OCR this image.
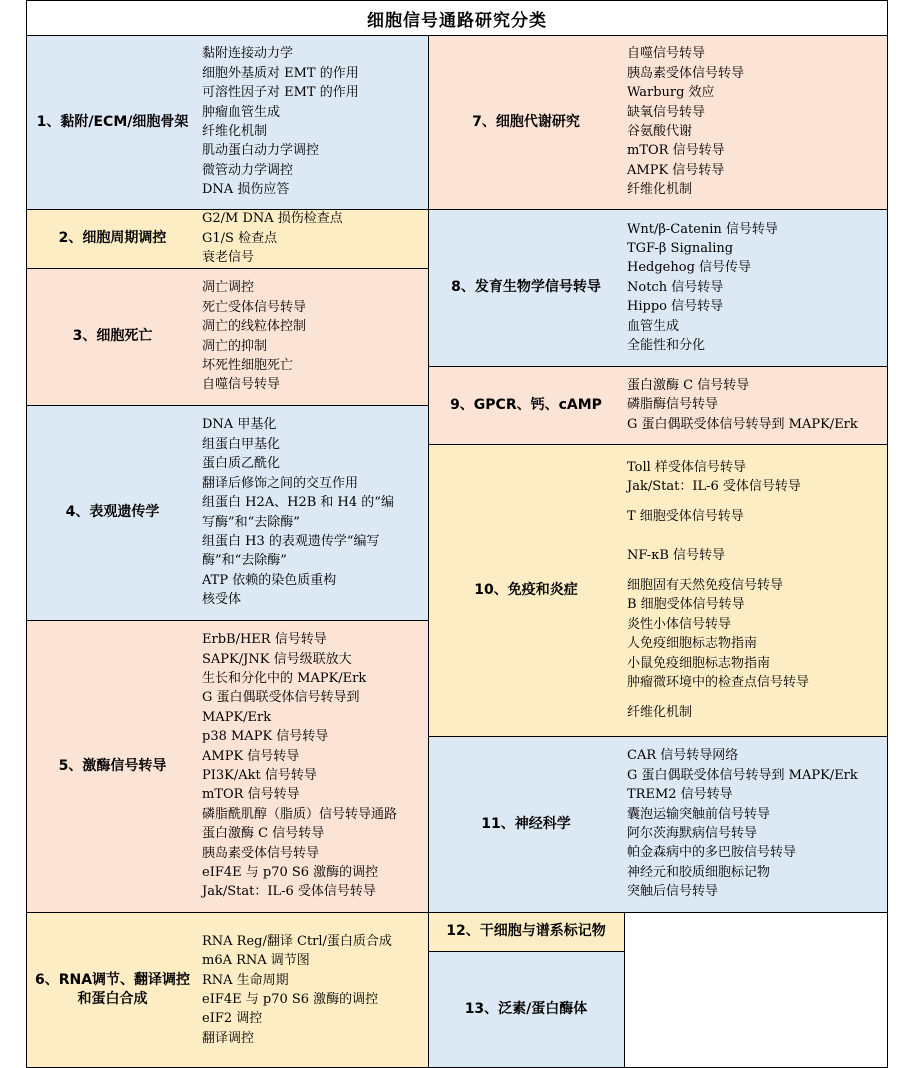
细胞信号通路研究分类
1、黏附/ECM/细胞骨架
黏附连接动力学
细胞外基质对 EMT 的作用
可溶性因子对 EMT 的作用
肿瘤血管生成
纤维化机制
肌动蛋白动力学调控
微管动力学调控
DNA 损伤应答
2、细胞周期调控
G2/M DNA 损伤检查点
G1/S 检查点
衰老信号
3、细胞死亡
凋亡调控
死亡受体信号转导
凋亡的线粒体控制
凋亡的抑制
坏死性细胞死亡
自噬信号转导
4、表观遗传学
DNA 甲基化
组蛋白甲基化
蛋白质乙酰化
翻译后修饰之间的交互作用
组蛋白 H2A、H2B 和 H4 的“编
写酶”和“去除酶”
组蛋白 H3 的表观遗传学“编写
酶”和“去除酶”
ATP 依赖的染色质重构
核受体
5、激酶信号转导
ErbB/HER 信号转导
SAPK/JNK 信号级联放大
生长和分化中的 MAPK/Erk
G 蛋白偶联受体信号转导到
MAPK/Erk
p38 MAPK 信号转导
AMPK 信号转导
PI3K/Akt 信号转导
mTOR 信号转导
磷脂酰肌醇（脂质）信号转导通路
蛋白激酶 C 信号转导
胰岛素受体信号转导
eIF4E 与 p70 S6 激酶的调控
Jak/Stat：IL-6 受体信号转导
6、RNA调节、翻译调控
和蛋白合成
RNA Reg/翻译 Ctrl/蛋白质合成
m6A RNA 调节图
RNA 生命周期
eIF4E 与 p70 S6 激酶的调控
eIF2 调控
翻译调控
7、细胞代谢研究
自噬信号转导
胰岛素受体信号转导
Warburg 效应
缺氧信号转导
谷氨酸代谢
mTOR 信号转导
AMPK 信号转导
纤维化机制
8、发育生物学信号转导
Wnt/β-Catenin 信号转导
TGF-β Signaling
Hedgehog 信号传导
Notch 信号转导
Hippo 信号转导
血管生成
全能性和分化
9、GPCR、钙、cAMP
蛋白激酶 C 信号转导
磷脂酶信号转导
G 蛋白偶联受体信号转导到 MAPK/Erk
10、免疫和炎症
Toll 样受体信号转导
Jak/Stat：IL-6 受体信号转导
T 细胞受体信号转导
NF-κB 信号转导
细胞固有天然免疫信号转导
B 细胞受体信号转导
炎性小体信号转导
人免疫细胞标志物指南
小鼠免疫细胞标志物指南
肿瘤微环境中的检查点信号转导
纤维化机制
11、神经科学
CAR 信号转导网络
G 蛋白偶联受体信号转导到 MAPK/Erk
TREM2 信号转导
囊泡运输突触前信号转导
阿尔茨海默病信号转导
帕金森病中的多巴胺信号转导
神经元和胶质细胞标记物
突触后信号转导
12、干细胞与谱系标记物
13、泛素/蛋白酶体
